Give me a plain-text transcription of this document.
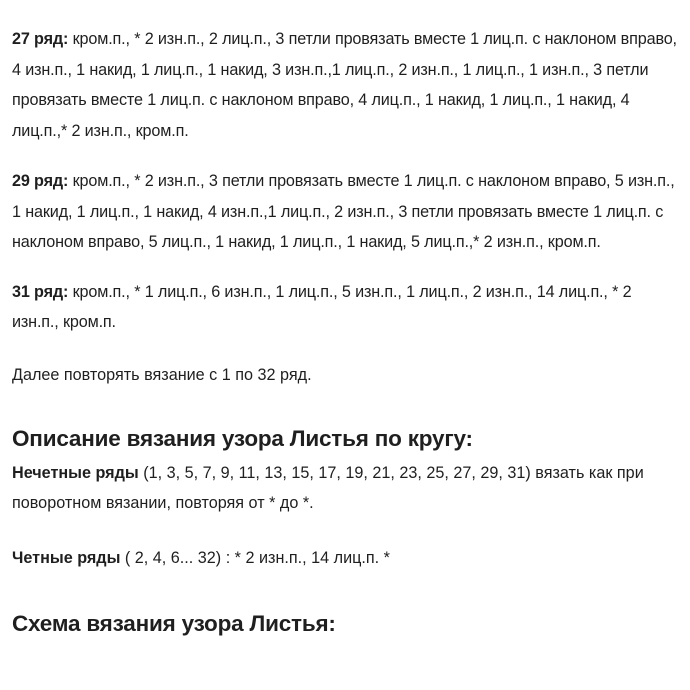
27 ряд: кром.п., * 2 изн.п., 2 лиц.п., 3 петли провязать вместе 1 лиц.п. с наклоном вправо, 4 изн.п., 1 накид, 1 лиц.п., 1 накид, 3 изн.п.,1 лиц.п., 2 изн.п., 1 лиц.п., 1 изн.п., 3 петли провязать вместе 1 лиц.п. с наклоном вправо, 4 лиц.п., 1 накид, 1 лиц.п., 1 накид, 4 лиц.п.,* 2 изн.п., кром.п.

29 ряд: кром.п., * 2 изн.п., 3 петли провязать вместе 1 лиц.п. с наклоном вправо, 5 изн.п., 1 накид, 1 лиц.п., 1 накид, 4 изн.п.,1 лиц.п., 2 изн.п., 3 петли провязать вместе 1 лиц.п. с наклоном вправо, 5 лиц.п., 1 накид, 1 лиц.п., 1 накид, 5 лиц.п.,* 2 изн.п., кром.п.

31 ряд: кром.п., * 1 лиц.п., 6 изн.п., 1 лиц.п., 5 изн.п., 1 лиц.п., 2 изн.п., 14 лиц.п., * 2 изн.п., кром.п.

Далее повторять вязание с 1 по 32 ряд.

Описание вязания узора Листья по кругу:

Нечетные ряды (1, 3, 5, 7, 9, 11, 13, 15, 17, 19, 21, 23, 25, 27, 29, 31) вязать как при поворотном вязании, повторяя от * до *.

Четные ряды ( 2, 4, 6... 32) : * 2 изн.п., 14 лиц.п. *

Схема вязания узора Листья:
